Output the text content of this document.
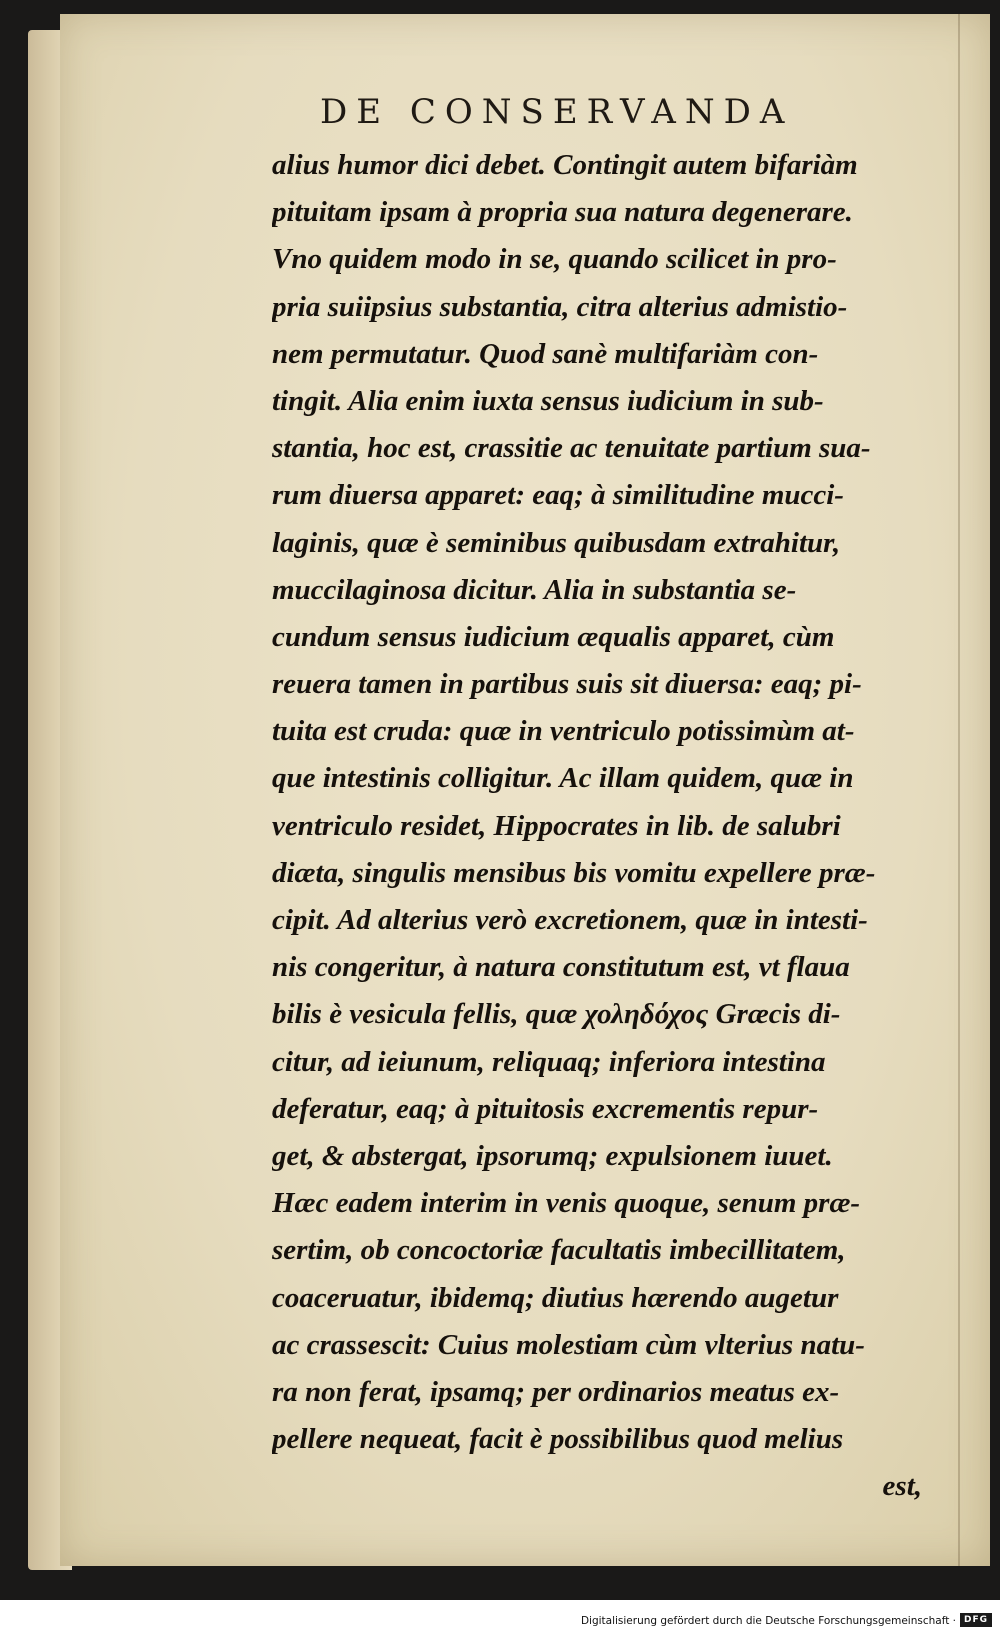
DE CONSERVANDA
alius humor dici debet. Contingit autem bifariàm
pituitam ipsam à propria sua natura degenerare.
Vno quidem modo in se, quando scilicet in pro-
pria suiipsius substantia, citra alterius admistio-
nem permutatur. Quod sanè multifariàm con-
tingit. Alia enim iuxta sensus iudicium in sub-
stantia, hoc est, crassitie ac tenuitate partium sua-
rum diuersa apparet: eaq; à similitudine mucci-
laginis, quæ è seminibus quibusdam extrahitur,
muccilaginosa dicitur. Alia in substantia se-
cundum sensus iudicium æqualis apparet, cùm
reuera tamen in partibus suis sit diuersa: eaq; pi-
tuita est cruda: quæ in ventriculo potissimùm at-
que intestinis colligitur. Ac illam quidem, quæ in
ventriculo residet, Hippocrates in lib. de salubri
diæta, singulis mensibus bis vomitu expellere præ-
cipit. Ad alterius verò excretionem, quæ in intesti-
nis congeritur, à natura constitutum est, vt flaua
bilis è vesicula fellis, quæ χοληδόχος Græcis di-
citur, ad ieiunum, reliquaq; inferiora intestina
deferatur, eaq; à pituitosis excrementis repur-
get, & abstergat, ipsorumq; expulsionem iuuet.
Hæc eadem interim in venis quoque, senum præ-
sertim, ob concoctoriæ facultatis imbecillitatem,
coaceruatur, ibidemq; diutius hærendo augetur
ac crassescit: Cuius molestiam cùm vlterius natu-
ra non ferat, ipsamq; per ordinarios meatus ex-
pellere nequeat, facit è possibilibus quod melius
est,
Digitalisierung gefördert durch die Deutsche Forschungsgemeinschaft · DFG
